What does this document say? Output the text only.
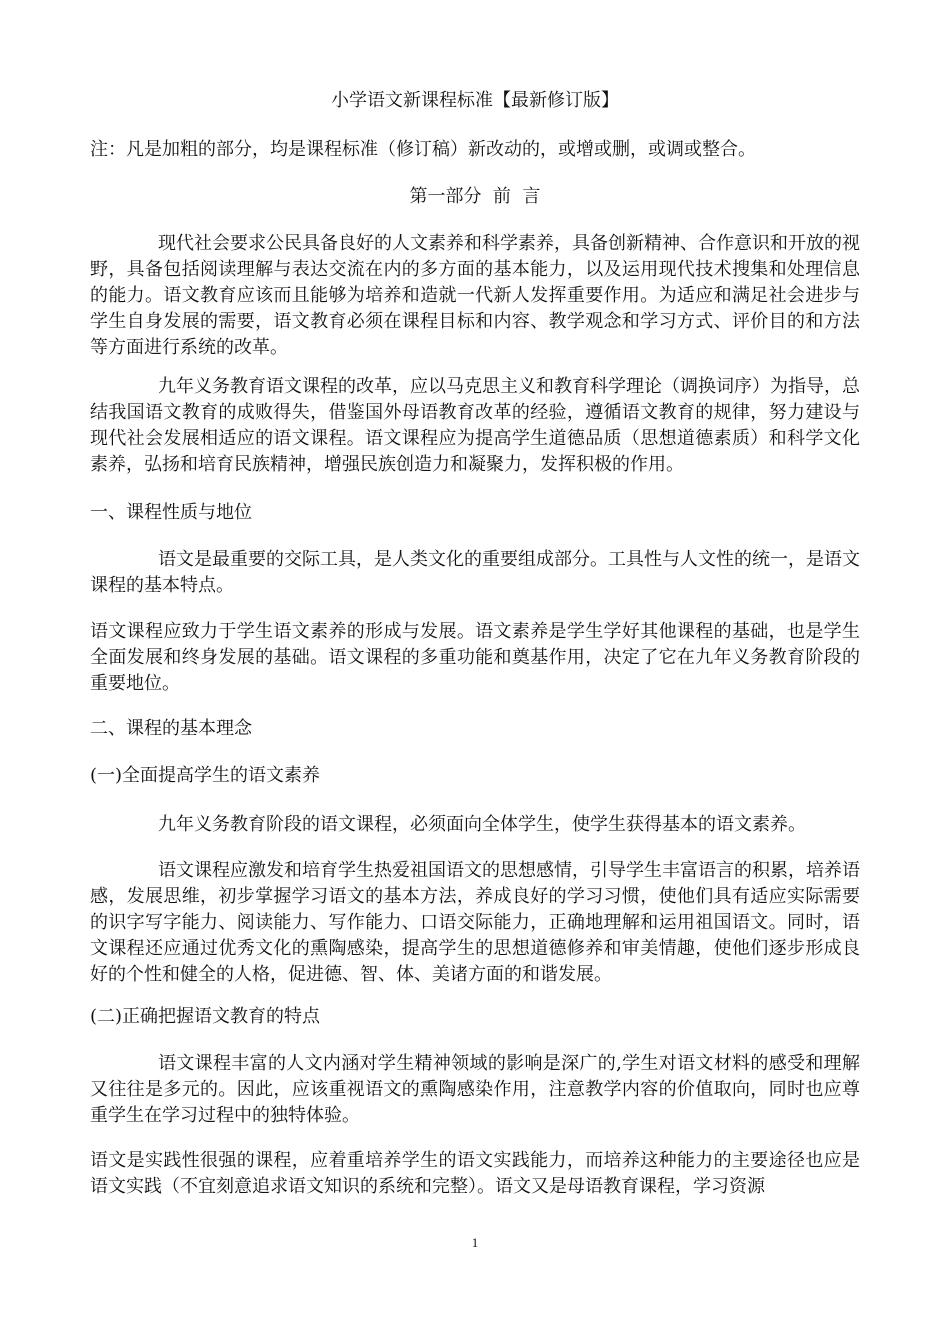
小学语文新课程标准【最新修订版】
注：凡是加粗的部分，均是课程标准（修订稿）新改动的，或增或删，或调或整合。
第一部分  前  言
现代社会要求公民具备良好的人文素养和科学素养，具备创新精神、合作意识和开放的视野，具备包括阅读理解与表达交流在内的多方面的基本能力，以及运用现代技术搜集和处理信息的能力。语文教育应该而且能够为培养和造就一代新人发挥重要作用。为适应和满足社会进步与学生自身发展的需要，语文教育必须在课程目标和内容、教学观念和学习方式、评价目的和方法等方面进行系统的改革。
九年义务教育语文课程的改革，应以马克思主义和教育科学理论（调换词序）为指导，总结我国语文教育的成败得失，借鉴国外母语教育改革的经验，遵循语文教育的规律，努力建设与现代社会发展相适应的语文课程。语文课程应为提高学生道德品质（思想道德素质）和科学文化素养，弘扬和培育民族精神，增强民族创造力和凝聚力，发挥积极的作用。
一、课程性质与地位
语文是最重要的交际工具，是人类文化的重要组成部分。工具性与人文性的统一，是语文课程的基本特点。
语文课程应致力于学生语文素养的形成与发展。语文素养是学生学好其他课程的基础，也是学生全面发展和终身发展的基础。语文课程的多重功能和奠基作用，决定了它在九年义务教育阶段的重要地位。
二、课程的基本理念
(一)全面提高学生的语文素养
九年义务教育阶段的语文课程，必须面向全体学生，使学生获得基本的语文素养。
语文课程应激发和培育学生热爱祖国语文的思想感情，引导学生丰富语言的积累，培养语感，发展思维，初步掌握学习语文的基本方法，养成良好的学习习惯，使他们具有适应实际需要的识字写字能力、阅读能力、写作能力、口语交际能力，正确地理解和运用祖国语文。同时，语文课程还应通过优秀文化的熏陶感染，提高学生的思想道德修养和审美情趣，使他们逐步形成良好的个性和健全的人格，促进德、智、体、美诸方面的和谐发展。
(二)正确把握语文教育的特点
语文课程丰富的人文内涵对学生精神领域的影响是深广的,学生对语文材料的感受和理解又往往是多元的。因此，应该重视语文的熏陶感染作用，注意教学内容的价值取向，同时也应尊重学生在学习过程中的独特体验。
语文是实践性很强的课程，应着重培养学生的语文实践能力，而培养这种能力的主要途径也应是语文实践（不宜刻意追求语文知识的系统和完整）。语文又是母语教育课程，学习资源
1
